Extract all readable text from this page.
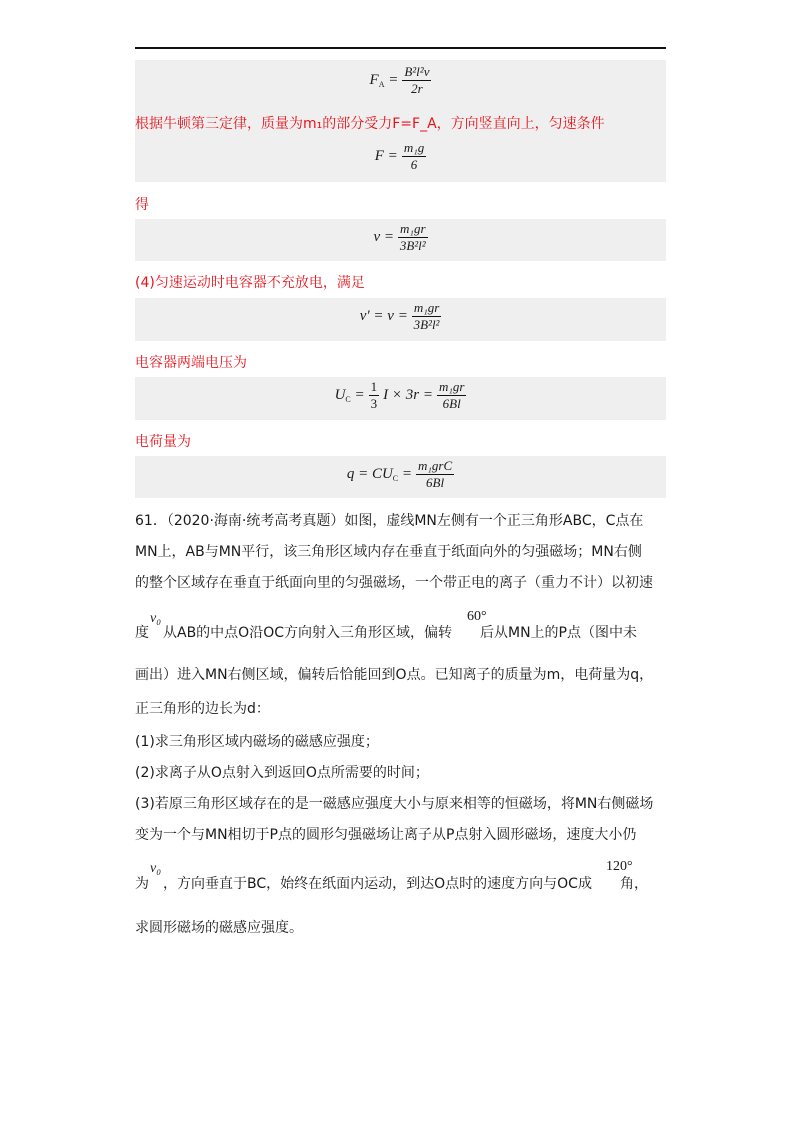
$F_A = \frac{\text{B²l²v}}{2r}$
根据牛顿第三定律，质量为m₁的部分受力F=F_A，方向竖直向上，匀速条件
$F = \frac{\text{m₁g}}{6}$
得
$v = \frac{\text{m₁gr}}{\text{3B²l²}}$
(4)匀速运动时电容器不充放电，满足
$v' = v = \frac{\text{m₁gr}}{\text{3B²l²}}$
电容器两端电压为
$U_C = \frac{1}{3}$ $I \times 3r = \frac{\text{m₁gr}}{6Bl}$
电荷量为
$q = CU_C = \frac{\text{m₁grC}}{6Bl}$
61．（2020·海南·统考高考真题）如图，虚线MN左侧有一个正三角形ABC，C点在
MN上，AB与MN平行，该三角形区域内存在垂直于纸面向外的匀强磁场；MN右侧
的整个区域存在垂直于纸面向里的匀强磁场，一个带正电的离子（重力不计）以初速
度　从AB的中点O沿OC方向射入三角形区域，偏转　　后从MN上的P点（图中未
v₀	60°
画出）进入MN右侧区域，偏转后恰能回到O点。已知离子的质量为m，电荷量为q，
正三角形的边长为d：
(1)求三角形区域内磁场的磁感应强度；
(2)求离子从O点射入到返回O点所需要的时间；
(3)若原三角形区域存在的是一磁感应强度大小与原来相等的恒磁场，将MN右侧磁场
变为一个与MN相切于P点的圆形匀强磁场让离子从P点射入圆形磁场，速度大小仍
为　，方向垂直于BC，始终在纸面内运动，到达O点时的速度方向与OC成　　角，
v₀	120°
求圆形磁场的磁感应强度。
